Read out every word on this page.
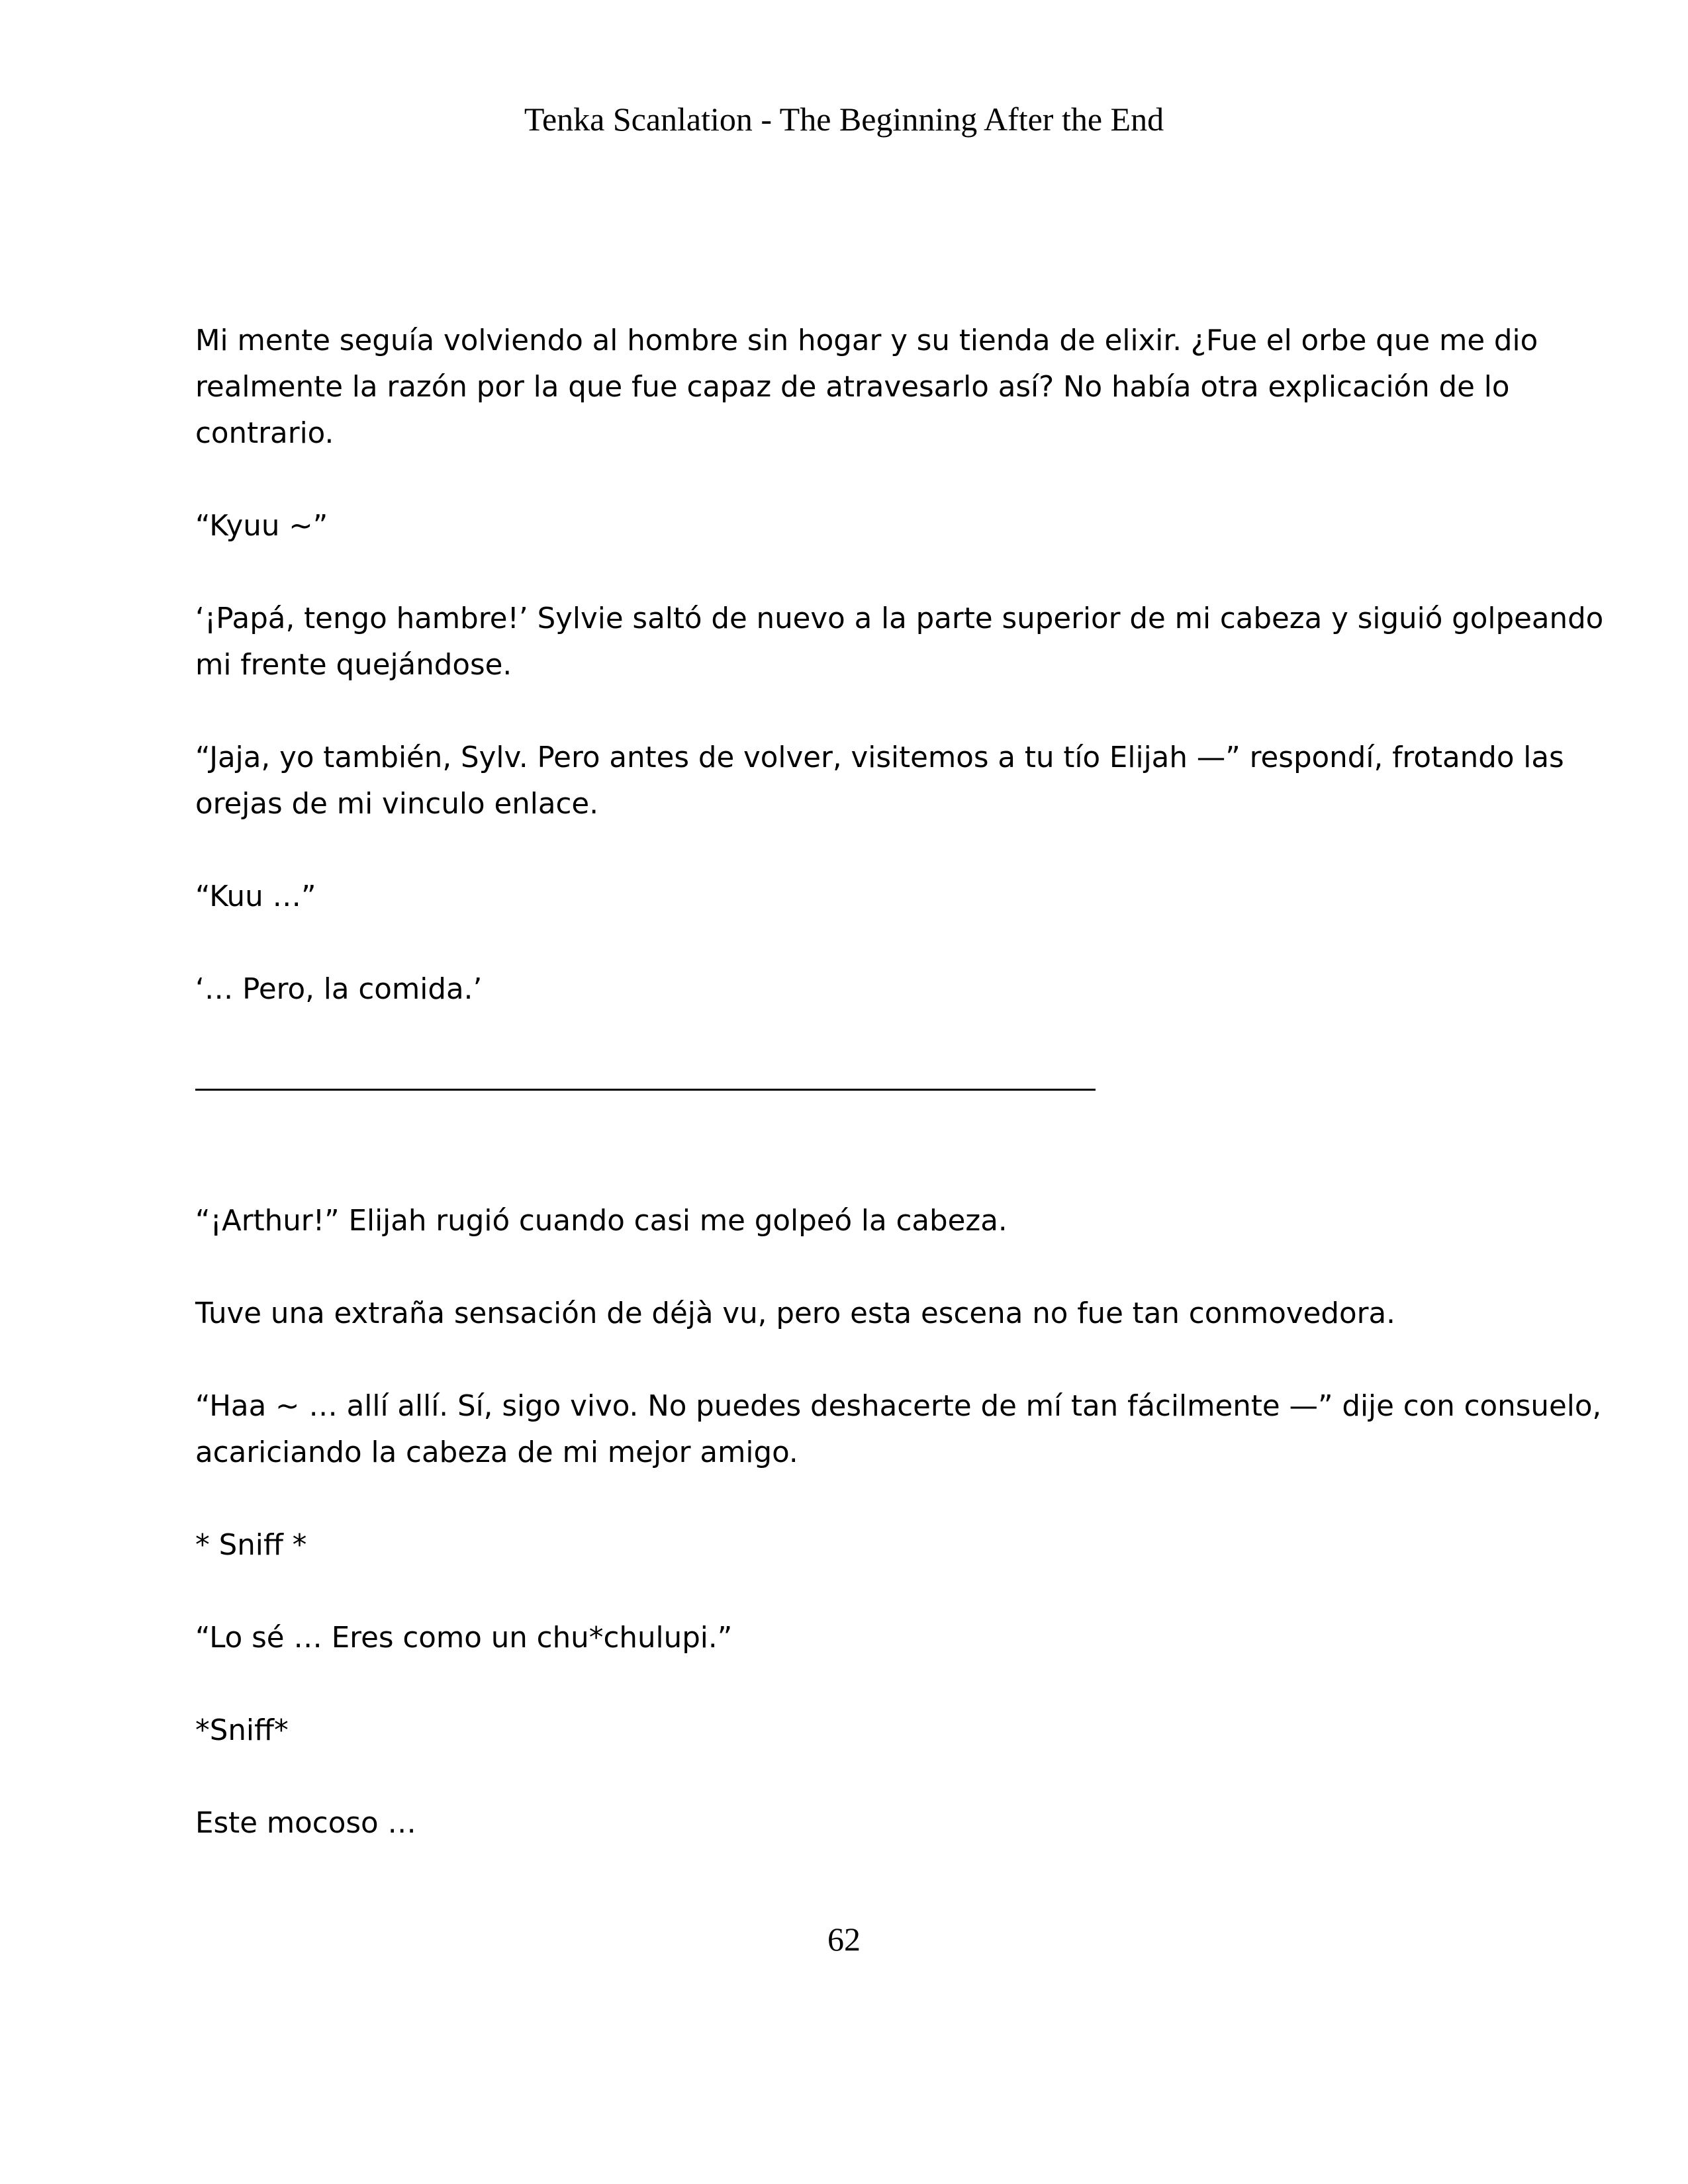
Tenka Scanlation - The Beginning After the End

Mi mente seguía volviendo al hombre sin hogar y su tienda de elixir. ¿Fue el orbe que me dio
realmente la razón por la que fue capaz de atravesarlo así? No había otra explicación de lo
contrario.

“Kyuu ~”

‘¡Papá, tengo hambre!’ Sylvie saltó de nuevo a la parte superior de mi cabeza y siguió golpeando
mi frente quejándose.

“Jaja, yo también, Sylv. Pero antes de volver, visitemos a tu tío Elijah —” respondí, frotando las
orejas de mi vinculo enlace.

“Kuu …”

‘… Pero, la comida.’

“¡Arthur!” Elijah rugió cuando casi me golpeó la cabeza.

Tuve una extraña sensación de déjà vu, pero esta escena no fue tan conmovedora.

“Haa ~ … allí allí. Sí, sigo vivo. No puedes deshacerte de mí tan fácilmente —” dije con consuelo,
acariciando la cabeza de mi mejor amigo.

* Sniff *

“Lo sé … Eres como un chu*chulupi.”

*Sniff*

Este mocoso …

62
